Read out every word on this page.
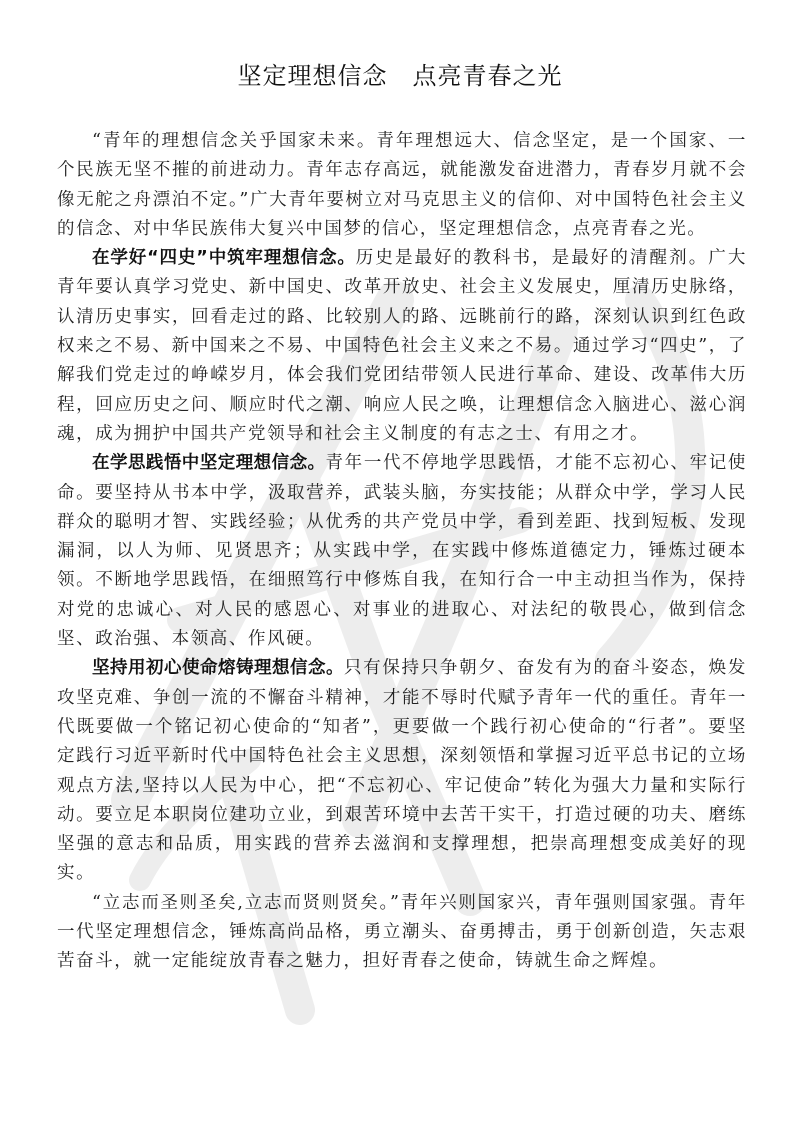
坚定理想信念　点亮青春之光

“青年的理想信念关乎国家未来。青年理想远大、信念坚定，是一个国家、一个民族无坚不摧的前进动力。青年志存高远，就能激发奋进潜力，青春岁月就不会像无舵之舟漂泊不定。”广大青年要树立对马克思主义的信仰、对中国特色社会主义的信念、对中华民族伟大复兴中国梦的信心，坚定理想信念，点亮青春之光。

在学好“四史”中筑牢理想信念。历史是最好的教科书，是最好的清醒剂。广大青年要认真学习党史、新中国史、改革开放史、社会主义发展史，厘清历史脉络，认清历史事实，回看走过的路、比较别人的路、远眺前行的路，深刻认识到红色政权来之不易、新中国来之不易、中国特色社会主义来之不易。通过学习“四史”，了解我们党走过的峥嵘岁月，体会我们党团结带领人民进行革命、建设、改革伟大历程，回应历史之问、顺应时代之潮、响应人民之唤，让理想信念入脑进心、滋心润魂，成为拥护中国共产党领导和社会主义制度的有志之士、有用之才。

在学思践悟中坚定理想信念。青年一代不停地学思践悟，才能不忘初心、牢记使命。要坚持从书本中学，汲取营养，武装头脑，夯实技能；从群众中学，学习人民群众的聪明才智、实践经验；从优秀的共产党员中学，看到差距、找到短板、发现漏洞，以人为师、见贤思齐；从实践中学，在实践中修炼道德定力，锤炼过硬本领。不断地学思践悟，在细照笃行中修炼自我，在知行合一中主动担当作为，保持对党的忠诚心、对人民的感恩心、对事业的进取心、对法纪的敬畏心，做到信念坚、政治强、本领高、作风硬。

坚持用初心使命熔铸理想信念。只有保持只争朝夕、奋发有为的奋斗姿态，焕发攻坚克难、争创一流的不懈奋斗精神，才能不辱时代赋予青年一代的重任。青年一代既要做一个铭记初心使命的“知者”，更要做一个践行初心使命的“行者”。要坚定践行习近平新时代中国特色社会主义思想，深刻领悟和掌握习近平总书记的立场观点方法,坚持以人民为中心，把“不忘初心、牢记使命”转化为强大力量和实际行动。要立足本职岗位建功立业，到艰苦环境中去苦干实干，打造过硬的功夫、磨练坚强的意志和品质，用实践的营养去滋润和支撑理想，把崇高理想变成美好的现实。

“立志而圣则圣矣,立志而贤则贤矣。”青年兴则国家兴，青年强则国家强。青年一代坚定理想信念，锤炼高尚品格，勇立潮头、奋勇搏击，勇于创新创造，矢志艰苦奋斗，就一定能绽放青春之魅力，担好青春之使命，铸就生命之辉煌。
